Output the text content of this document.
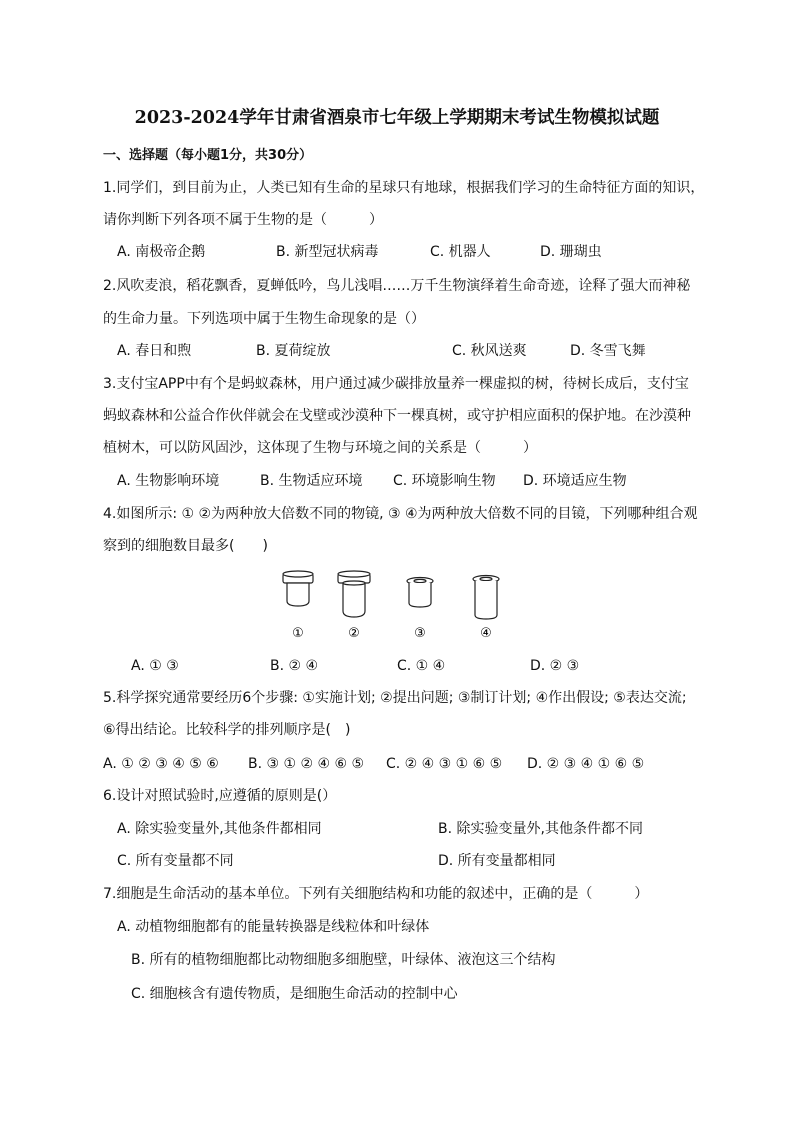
2023-2024学年甘肃省酒泉市七年级上学期期末考试生物模拟试题
一、选择题（每小题1分，共30分）
1.同学们，到目前为止，人类已知有生命的星球只有地球，根据我们学习的生命特征方面的知识，
请你判断下列各项不属于生物的是（　　　）
A. 南极帝企鹅	B. 新型冠状病毒	C. 机器人	D. 珊瑚虫
2.风吹麦浪，稻花飘香，夏蝉低吟，鸟儿浅唱……万千生物演绎着生命奇迹，诠释了强大而神秘
的生命力量。下列选项中属于生物生命现象的是（）
A. 春日和煦	B. 夏荷绽放	C. 秋风送爽	D. 冬雪飞舞
3.支付宝APP中有个是蚂蚁森林，用户通过减少碳排放量养一棵虚拟的树，待树长成后，支付宝
蚂蚁森林和公益合作伙伴就会在戈壁或沙漠种下一棵真树，或守护相应面积的保护地。在沙漠种
植树木，可以防风固沙，这体现了生物与环境之间的关系是（　　　）
A. 生物影响环境	B. 生物适应环境 C. 环境影响生物 D. 环境适应生物
4.如图所示: ① ②为两种放大倍数不同的物镜, ③ ④为两种放大倍数不同的目镜，下列哪种组合观
察到的细胞数目最多(　　)
①	②	③	④
A. ① ③	B. ② ④	C. ① ④	D. ② ③
5.科学探究通常要经历6个步骤: ①实施计划; ②提出问题; ③制订计划; ④作出假设; ⑤表达交流;
⑥得出结论。比较科学的排列顺序是(　)
A. ① ② ③ ④ ⑤ ⑥ B. ③ ① ② ④ ⑥ ⑤ C. ② ④ ③ ① ⑥ ⑤ D. ② ③ ④ ① ⑥ ⑤
6.设计对照试验时,应遵循的原则是(）
A. 除实验变量外,其他条件都相同	B. 除实验变量外,其他条件都不同
C. 所有变量都不同	D. 所有变量都相同
7.细胞是生命活动的基本单位。下列有关细胞结构和功能的叙述中，正确的是（　　　）
A. 动植物细胞都有的能量转换器是线粒体和叶绿体
B. 所有的植物细胞都比动物细胞多细胞壁，叶绿体、液泡这三个结构
C. 细胞核含有遗传物质，是细胞生命活动的控制中心
